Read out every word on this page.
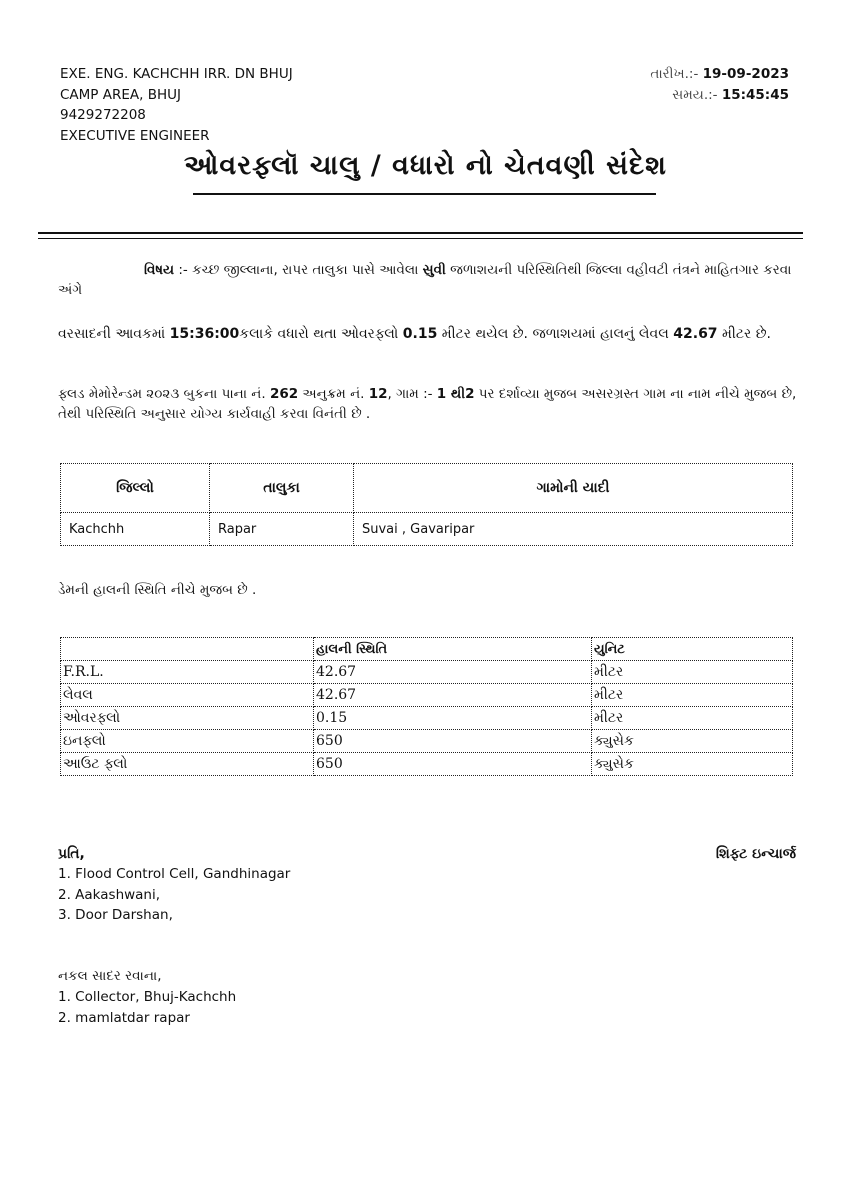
EXE. ENG. KACHCHH IRR. DN BHUJ
CAMP AREA, BHUJ
9429272208
EXECUTIVE ENGINEER
તારીખ.:- 19-09-2023
સમય.:- 15:45:45
ઓવરફ્લૉ ચાલુ / વધારો નો ચેતવણી સંદેશ
વિષય :- કચ્છ જીલ્લાના, રાપર તાલુકા પાસે આવેલા સુવી જળાશયની પરિસ્થિતિથી જિલ્લા વહીવટી તંત્રને માહિતગાર કરવા અંગે
વરસાદની આવકમાં 15:36:00કલાકે વધારો થતા ઓવરફ્લો 0.15 મીટર થયેલ છે. જળાશયમાં હાલનું લેવલ 42.67 મીટર છે.
ફ્લડ મેમોરેન્ડમ ૨૦૨૩ બુકના પાના નં. 262 અનુક્રમ નં. 12, ગામ :- 1 થી2 પર દર્શાવ્યા મુજબ અસરગ્રસ્ત ગામ ના નામ નીચે મુજબ છે, તેથી પરિસ્થિતિ અનુસાર યોગ્ય કાર્યવાહી કરવા વિનંતી છે .
જિલ્લો	તાલુકા	ગામોની યાદી
Kachchh	Rapar	Suvai , Gavaripar
ડેમની હાલની સ્થિતિ નીચે મુજબ છે .
	હાલની સ્થિતિ	યુનિટ
F.R.L.	42.67	મીટર
લેવલ	42.67	મીટર
ઓવરફ્લો	0.15	મીટર
ઇનફ્લો	650	ક્યુસેક
આઉટ ફ્લો	650	ક્યુસેક
પ્રતિ,	શિફ્ટ ઇન્ચાર્જ
1. Flood Control Cell, Gandhinagar
2. Aakashwani,
3. Door Darshan,
નકલ સાદર રવાના,
1. Collector, Bhuj-Kachchh
2. mamlatdar rapar
